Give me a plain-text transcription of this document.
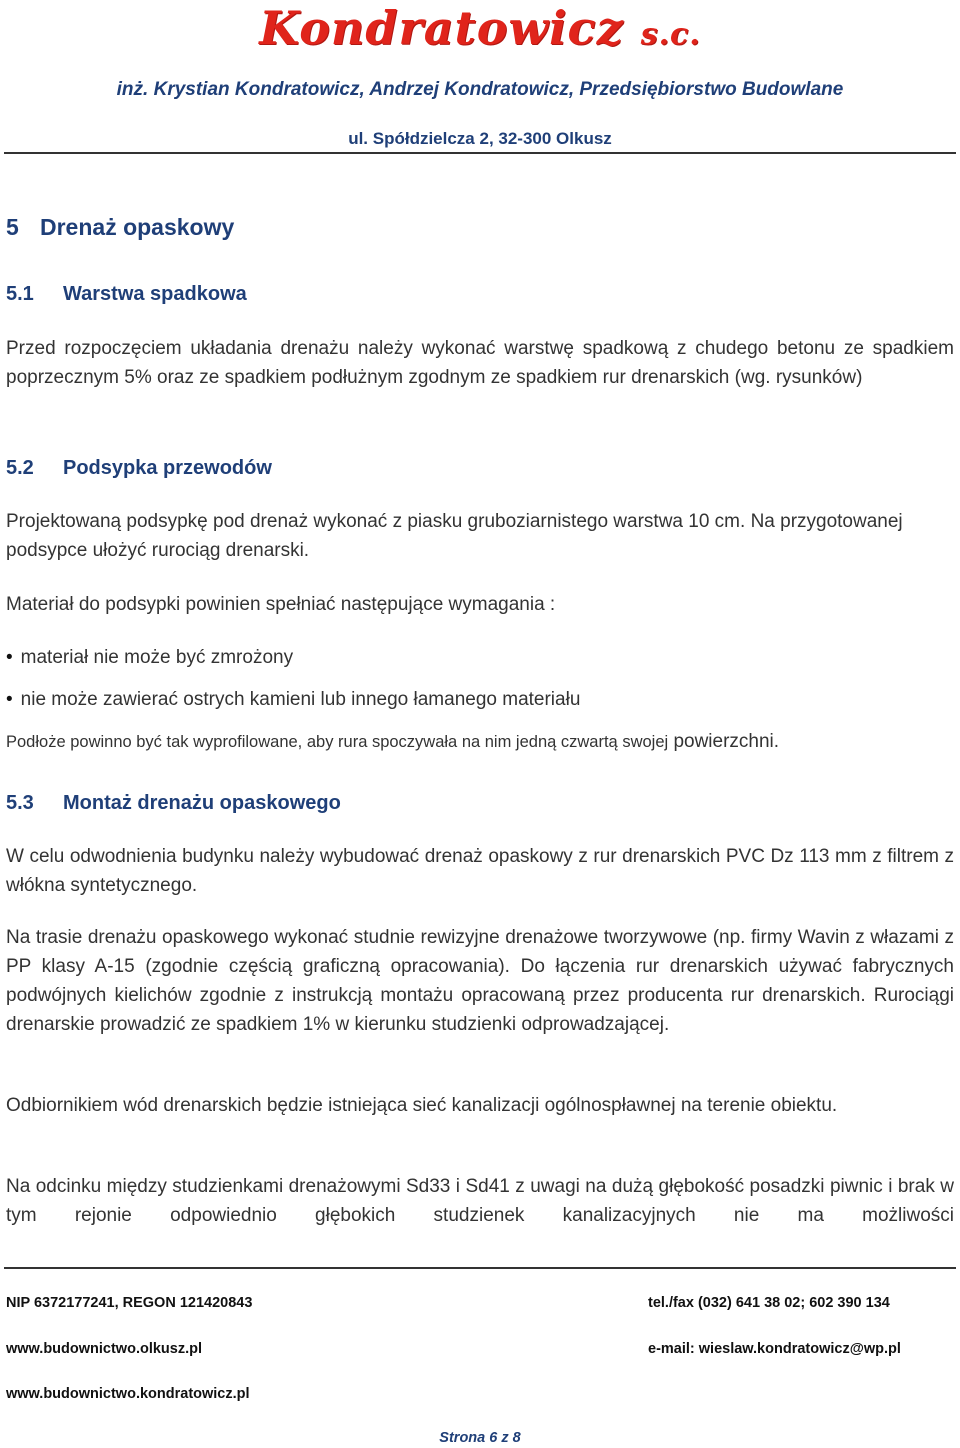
Kondratowicz s.c.
inż. Krystian Kondratowicz, Andrzej Kondratowicz, Przedsiębiorstwo Budowlane
ul. Spółdzielcza 2, 32-300 Olkusz
5 Drenaż opaskowy
5.1 Warstwa spadkowa
Przed rozpoczęciem układania drenażu należy wykonać warstwę spadkową z chudego betonu ze spadkiem poprzecznym 5% oraz ze spadkiem podłużnym zgodnym ze spadkiem rur drenarskich (wg. rysunków)
5.2 Podsypka przewodów
Projektowaną podsypkę pod drenaż wykonać z piasku gruboziarnistego warstwa 10 cm. Na przygotowanej podsypce ułożyć rurociąg drenarski.
Materiał do podsypki powinien spełniać następujące wymagania :
• materiał nie może być zmrożony
• nie może zawierać ostrych kamieni lub innego łamanego materiału
Podłoże powinno być tak wyprofilowane, aby rura spoczywała na nim jedną czwartą swojej powierzchni.
5.3 Montaż drenażu opaskowego
W celu odwodnienia budynku należy wybudować drenaż opaskowy z rur drenarskich PVC Dz 113 mm z filtrem z włókna syntetycznego.
Na trasie drenażu opaskowego wykonać studnie rewizyjne drenażowe tworzywowe (np. firmy Wavin z włazami z PP klasy A-15 (zgodnie częścią graficzną opracowania). Do łączenia rur drenarskich używać fabrycznych podwójnych kielichów zgodnie z instrukcją montażu opracowaną przez producenta rur drenarskich. Rurociągi drenarskie prowadzić ze spadkiem 1% w kierunku studzienki odprowadzającej.
Odbiornikiem wód drenarskich będzie istniejąca sieć kanalizacji ogólnospławnej na terenie obiektu.
Na odcinku między studzienkami drenażowymi Sd33 i Sd41 z uwagi na dużą głębokość posadzki piwnic i brak w tym rejonie odpowiednio głębokich studzienek kanalizacyjnych nie ma możliwości
NIP 6372177241, REGON 121420843	tel./fax (032) 641 38 02; 602 390 134
www.budownictwo.olkusz.pl	e-mail: wieslaw.kondratowicz@wp.pl
www.budownictwo.kondratowicz.pl
Strona 6 z 8
